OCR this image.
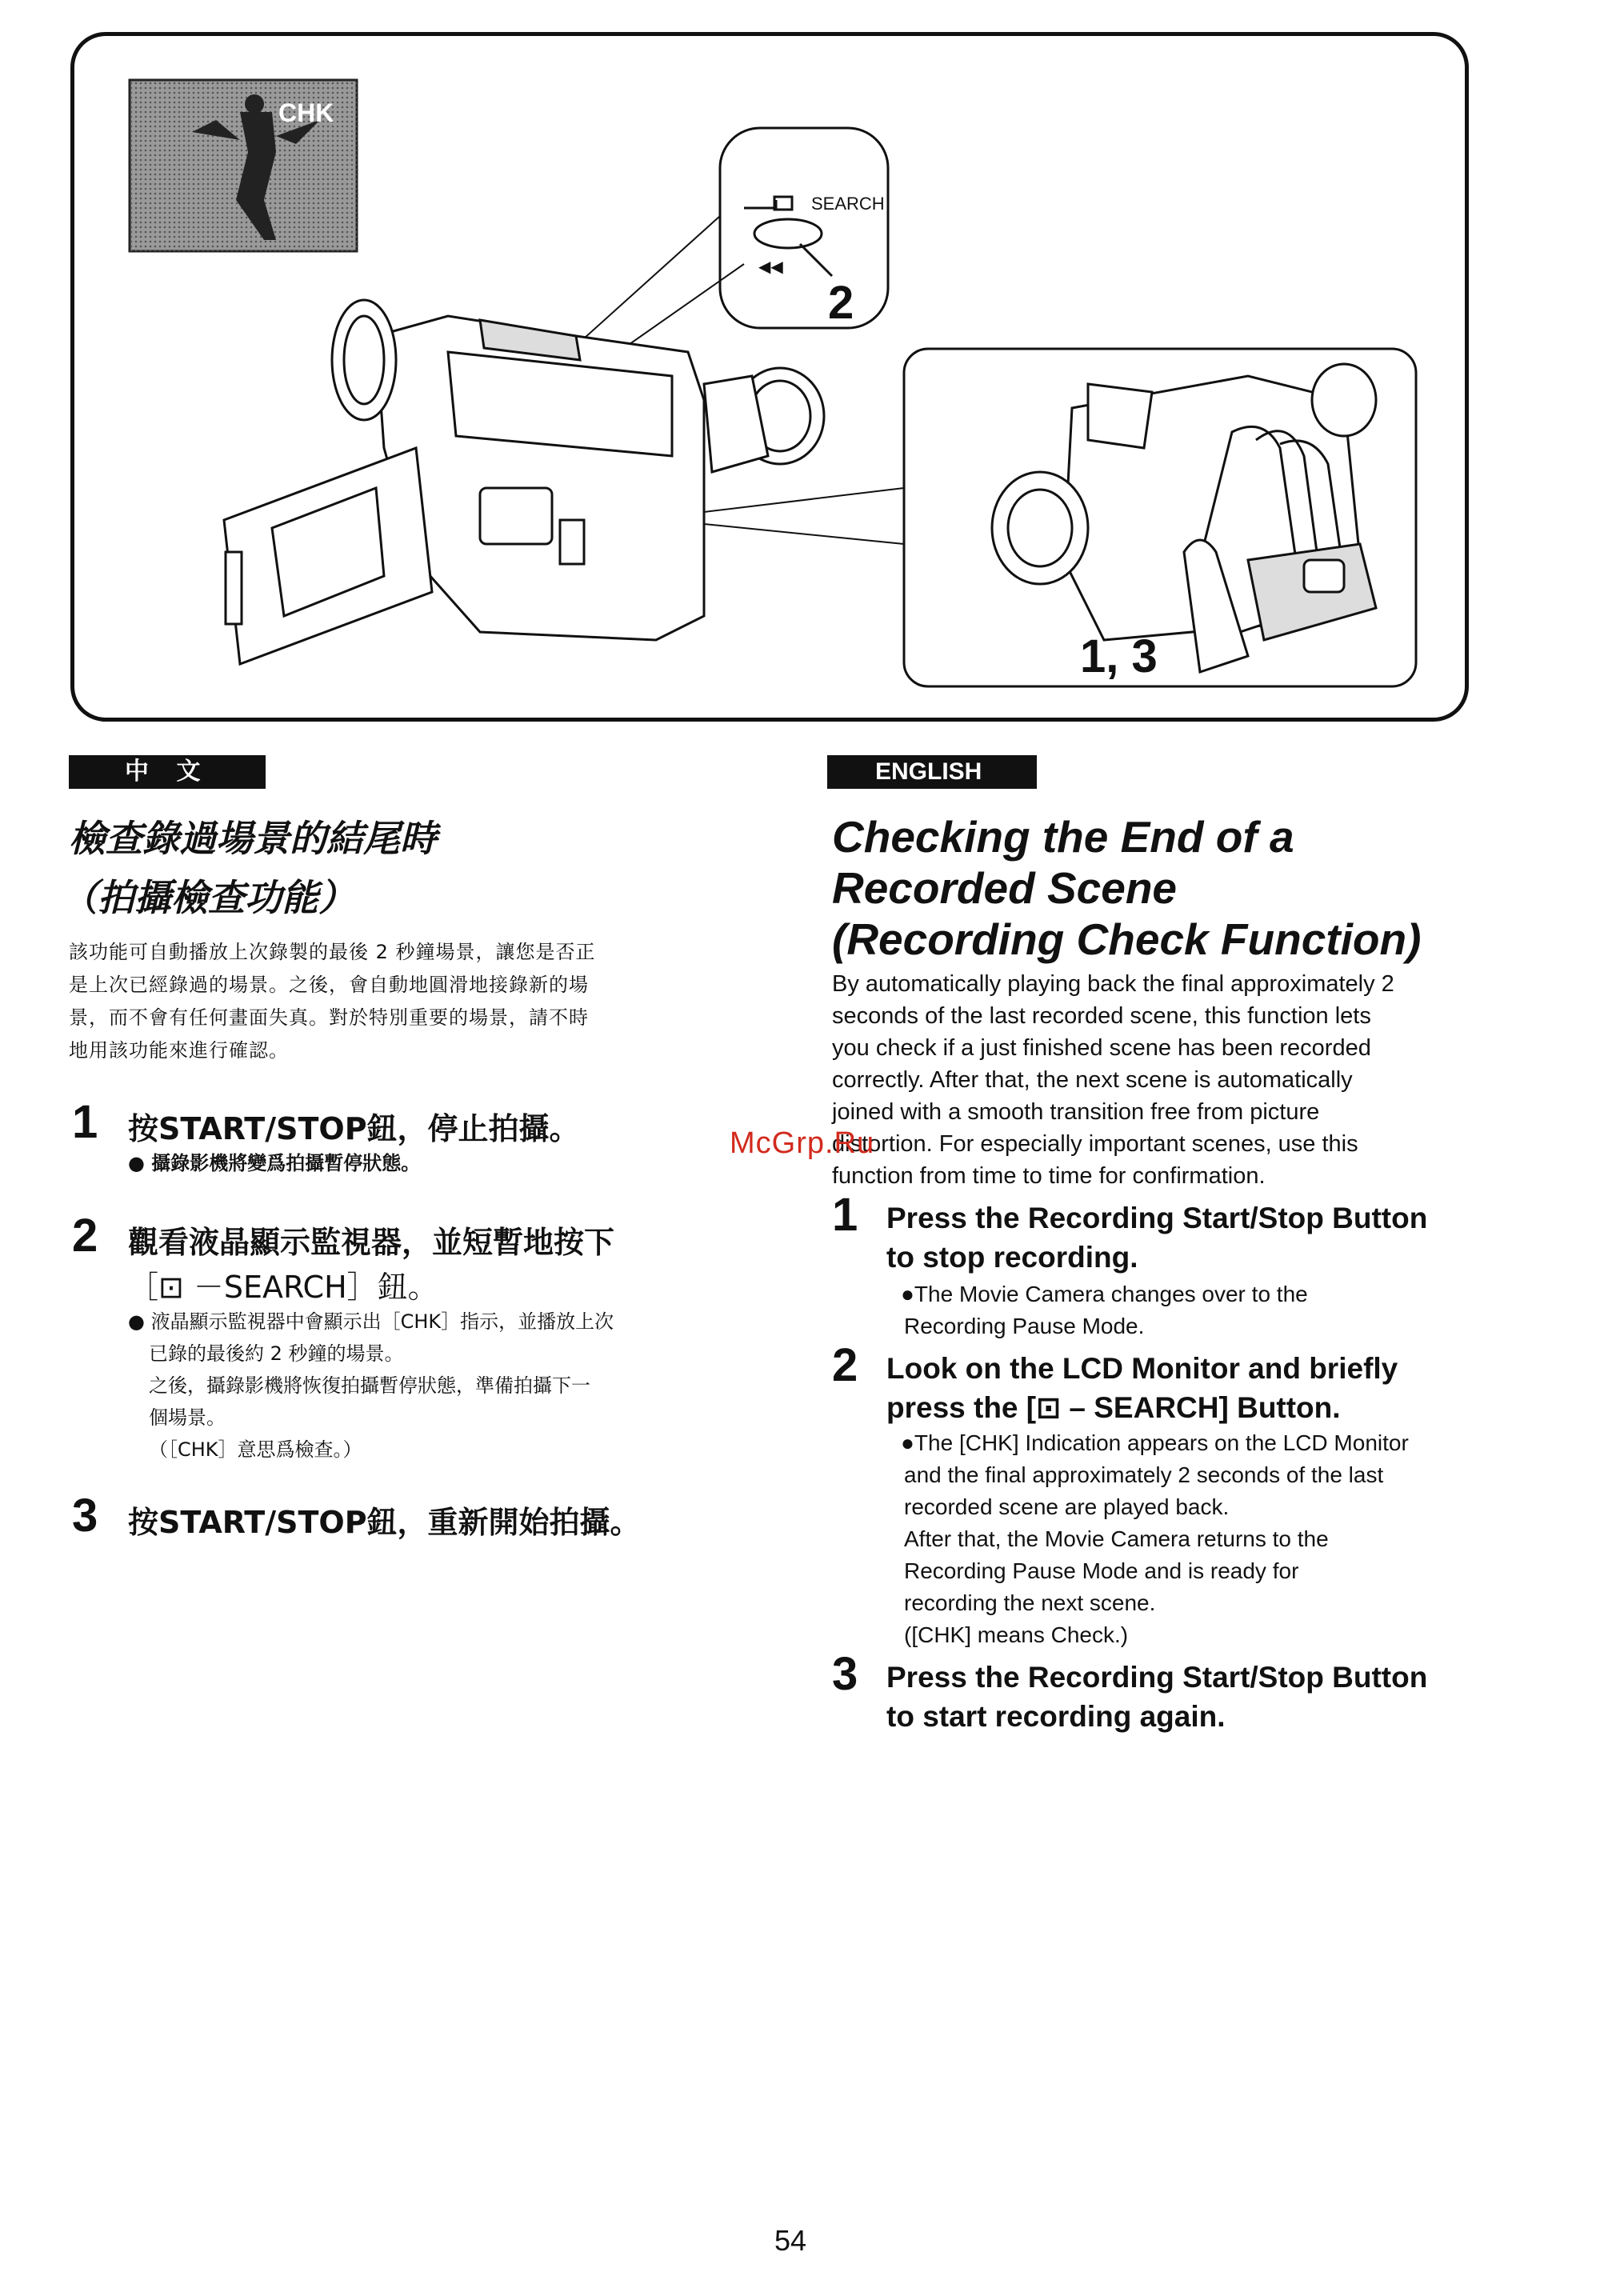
CHK
SEARCH
◀◀
2
1, 3
中 文
檢查錄過場景的結尾時
（拍攝檢查功能）
該功能可自動播放上次錄製的最後 2 秒鐘場景，讓您是否正
是上次已經錄過的場景。之後，會自動地圓滑地接錄新的場
景，而不會有任何畫面失真。對於特別重要的場景，請不時
地用該功能來進行確認。
1 按START/STOP鈕，停止拍攝。
● 攝錄影機將變爲拍攝暫停狀態。
2 觀看液晶顯示監視器，並短暫地按下
［⊡ －SEARCH］鈕。
● 液晶顯示監視器中會顯示出［CHK］指示，並播放上次
已錄的最後約 2 秒鐘的場景。
之後，攝錄影機將恢復拍攝暫停狀態，準備拍攝下一
個場景。
（［CHK］意思爲檢查。）
3 按START/STOP鈕，重新開始拍攝。
ENGLISH
Checking the End of a
Recorded Scene
(Recording Check Function)
By automatically playing back the final approximately 2
seconds of the last recorded scene, this function lets
you check if a just finished scene has been recorded
correctly. After that, the next scene is automatically
joined with a smooth transition free from picture
distortion. For especially important scenes, use this
function from time to time for confirmation.
1 Press the Recording Start/Stop Button
to stop recording.
●The Movie Camera changes over to the
Recording Pause Mode.
2 Look on the LCD Monitor and briefly
press the [⊡ – SEARCH] Button.
●The [CHK] Indication appears on the LCD Monitor
and the final approximately 2 seconds of the last
recorded scene are played back.
After that, the Movie Camera returns to the
Recording Pause Mode and is ready for
recording the next scene.
([CHK] means Check.)
3 Press the Recording Start/Stop Button
to start recording again.
McGrp.Ru
54
